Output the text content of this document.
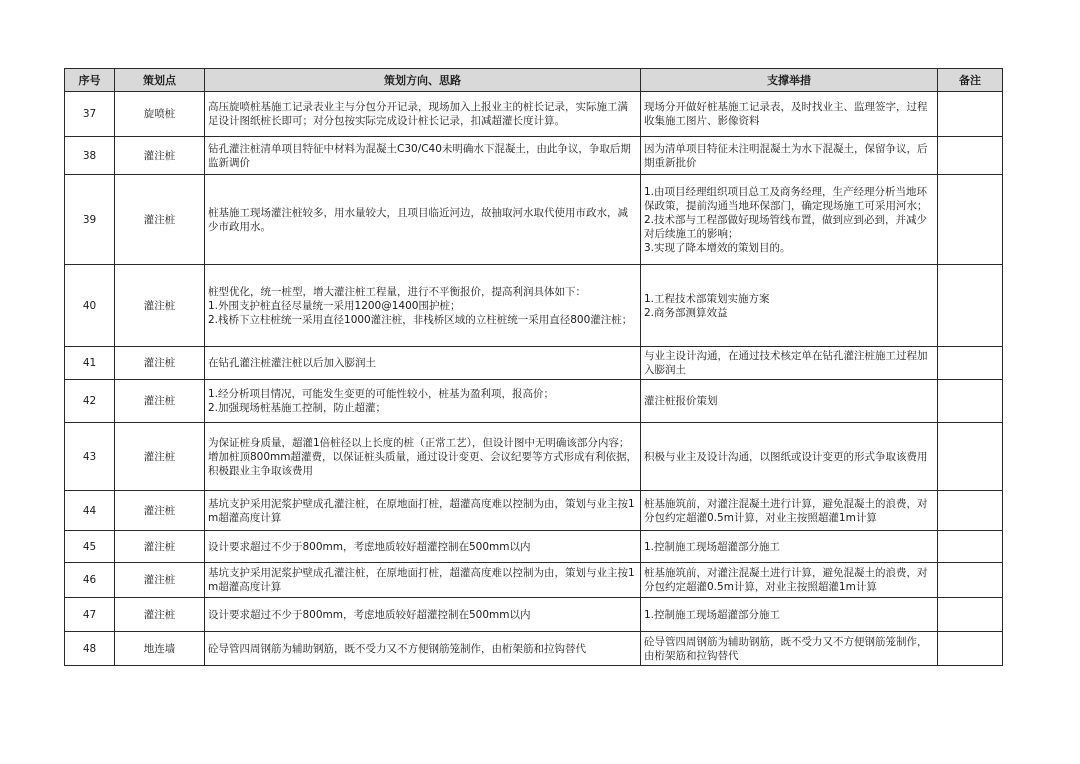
序号	策划点	策划方向、思路	支撑举措	备注
37	旋喷桩	高压旋喷桩基施工记录表业主与分包分开记录，现场加入上报业主的桩长记录，实际施工满足设计图纸桩长即可；对分包按实际完成设计桩长记录，扣减超灌长度计算。	现场分开做好桩基施工记录表，及时找业主、监理签字，过程收集施工图片、影像资料	
38	灌注桩	钻孔灌注桩清单项目特征中材料为混凝土C30/C40未明确水下混凝土，由此争议，争取后期监新调价	因为清单项目特征未注明混凝土为水下混凝土，保留争议，后期重新批价	
39	灌注桩	桩基施工现场灌注桩较多，用水量较大，且项目临近河边，故抽取河水取代使用市政水，减少市政用水。	1.由项目经理组织项目总工及商务经理，生产经理分析当地环保政策，提前沟通当地环保部门，确定现场施工可采用河水；
2.技术部与工程部做好现场管线布置，做到应到必到，并减少对后续施工的影响；
3.实现了降本增效的策划目的。	
40	灌注桩	桩型优化，统一桩型，增大灌注桩工程量，进行不平衡报价，提高利润具体如下：
1.外围支护桩直径尽量统一采用1200@1400围护桩；
2.栈桥下立柱桩统一采用直径1000灌注桩，非栈桥区域的立柱桩统一采用直径800灌注桩；	1.工程技术部策划实施方案
2.商务部测算效益	
41	灌注桩	在钻孔灌注桩灌注桩以后加入膨润土	与业主设计沟通，在通过技术核定单在钻孔灌注桩施工过程加入膨润土	
42	灌注桩	1.经分析项目情况，可能发生变更的可能性较小，桩基为盈利项，报高价；
2.加强现场桩基施工控制，防止超灌；	灌注桩报价策划	
43	灌注桩	为保证桩身质量，超灌1倍桩径以上长度的桩（正常工艺），但设计图中无明确该部分内容；增加桩顶800mm超灌费，以保证桩头质量，通过设计变更、会议纪要等方式形成有利依据，积极跟业主争取该费用	积极与业主及设计沟通，以图纸或设计变更的形式争取该费用	
44	灌注桩	基坑支护采用泥浆护壁成孔灌注桩，在原地面打桩，超灌高度难以控制为由，策划与业主按1m超灌高度计算	桩基施筑前，对灌注混凝土进行计算，避免混凝土的浪费，对分包约定超灌0.5m计算，对业主按照超灌1m计算	
45	灌注桩	设计要求超过不少于800mm，考虑地质较好超灌控制在500mm以内	1.控制施工现场超灌部分施工	
46	灌注桩	基坑支护采用泥浆护壁成孔灌注桩，在原地面打桩，超灌高度难以控制为由，策划与业主按1m超灌高度计算	桩基施筑前，对灌注混凝土进行计算，避免混凝土的浪费，对分包约定超灌0.5m计算，对业主按照超灌1m计算	
47	灌注桩	设计要求超过不少于800mm，考虑地质较好超灌控制在500mm以内	1.控制施工现场超灌部分施工	
48	地连墙	砼导管四周钢筋为辅助钢筋，既不受力又不方便钢筋笼制作，由桁架筋和拉钩替代	砼导管四周钢筋为辅助钢筋，既不受力又不方便钢筋笼制作，由桁架筋和拉钩替代	
